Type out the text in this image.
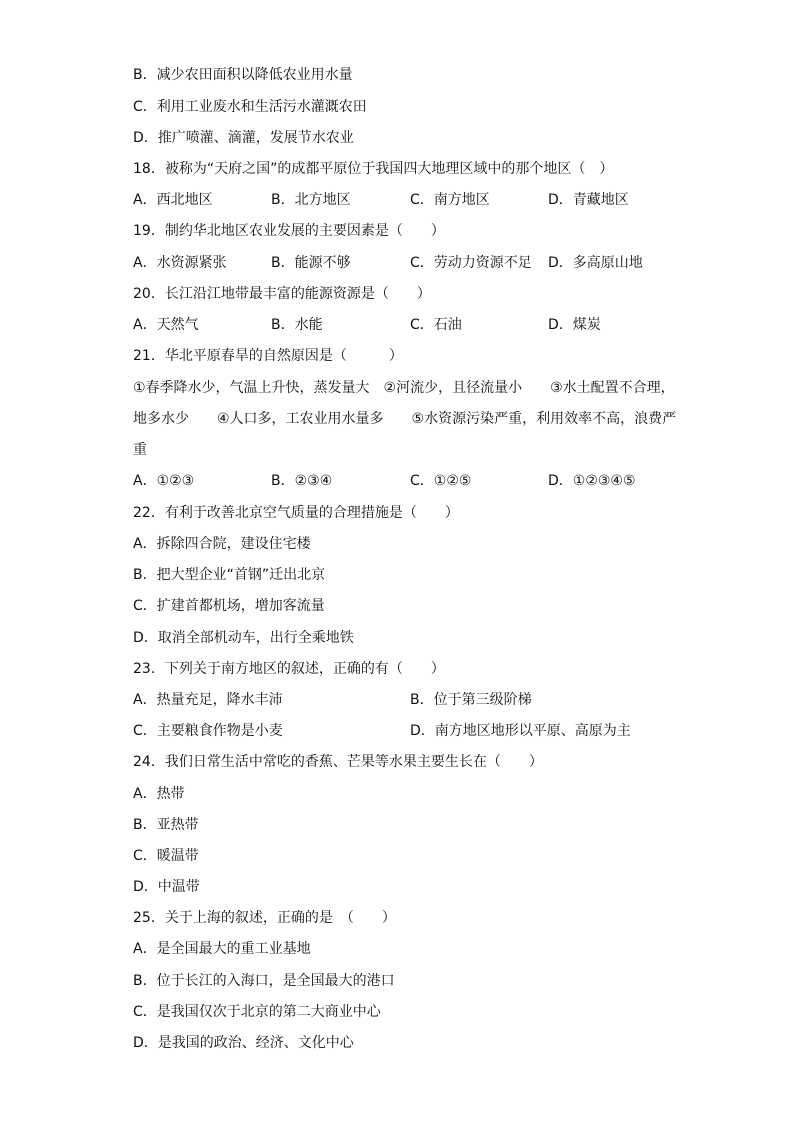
B．减少农田面积以降低农业用水量
C．利用工业废水和生活污水灌溉农田
D．推广喷灌、滴灌，发展节水农业
18．被称为“天府之国”的成都平原位于我国四大地理区域中的那个地区（　）
A．西北地区	B．北方地区	C．南方地区	D．青藏地区
19．制约华北地区农业发展的主要因素是（　　）
A．水资源紧张	B．能源不够	C．劳动力资源不足 D．多高原山地
20．长江沿江地带最丰富的能源资源是（　　）
A．天然气	B．水能	C．石油	D．煤炭
21．华北平原春旱的自然原因是（　　　）
①春季降水少，气温上升快，蒸发量大　②河流少，且径流量小　　③水土配置不合理，
地多水少　　④人口多，工农业用水量多　　⑤水资源污染严重，利用效率不高，浪费严
重
A．①②③	B．②③④	C．①②⑤	D．①②③④⑤
22．有利于改善北京空气质量的合理措施是（　　）
A．拆除四合院，建设住宅楼
B．把大型企业“首钢”迁出北京
C．扩建首都机场，增加客流量
D．取消全部机动车，出行全乘地铁
23．下列关于南方地区的叙述，正确的有（　　）
A．热量充足，降水丰沛	B．位于第三级阶梯
C．主要粮食作物是小麦	D．南方地区地形以平原、高原为主
24．我们日常生活中常吃的香蕉、芒果等水果主要生长在（　　）
A．热带
B．亚热带
C．暖温带
D．中温带
25．关于上海的叙述，正确的是　（　　）
A．是全国最大的重工业基地
B．位于长江的入海口，是全国最大的港口
C．是我国仅次于北京的第二大商业中心
D．是我国的政治、经济、文化中心
